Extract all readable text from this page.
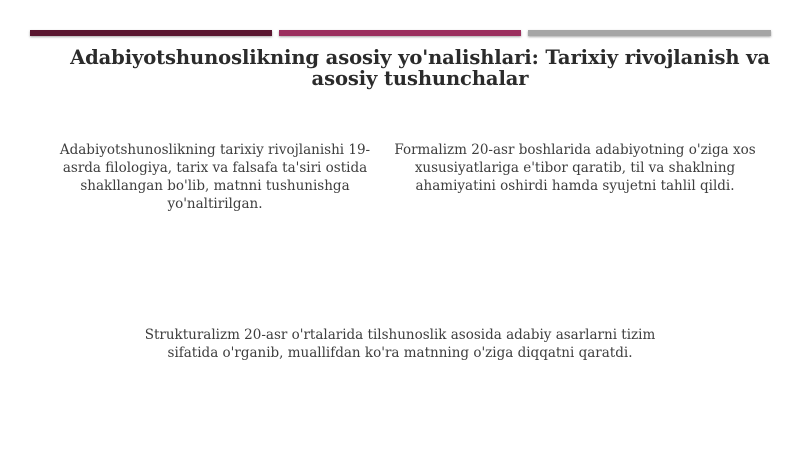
Adabiyotshunoslikning asosiy yo'nalishlari: Tarixiy rivojlanish va asosiy tushunchalar
Adabiyotshunoslikning tarixiy rivojlanishi 19-asrda filologiya, tarix va falsafa ta'siri ostida shakllangan bo'lib, matnni tushunishga yo'naltirilgan.
Formalizm 20-asr boshlarida adabiyotning o'ziga xos xususiyatlariga e'tibor qaratib, til va shaklning ahamiyatini oshirdi hamda syujetni tahlil qildi.
Strukturalizm 20-asr o'rtalarida tilshunoslik asosida adabiy asarlarni tizim sifatida o'rganib, muallifdan ko'ra matnning o'ziga diqqatni qaratdi.
